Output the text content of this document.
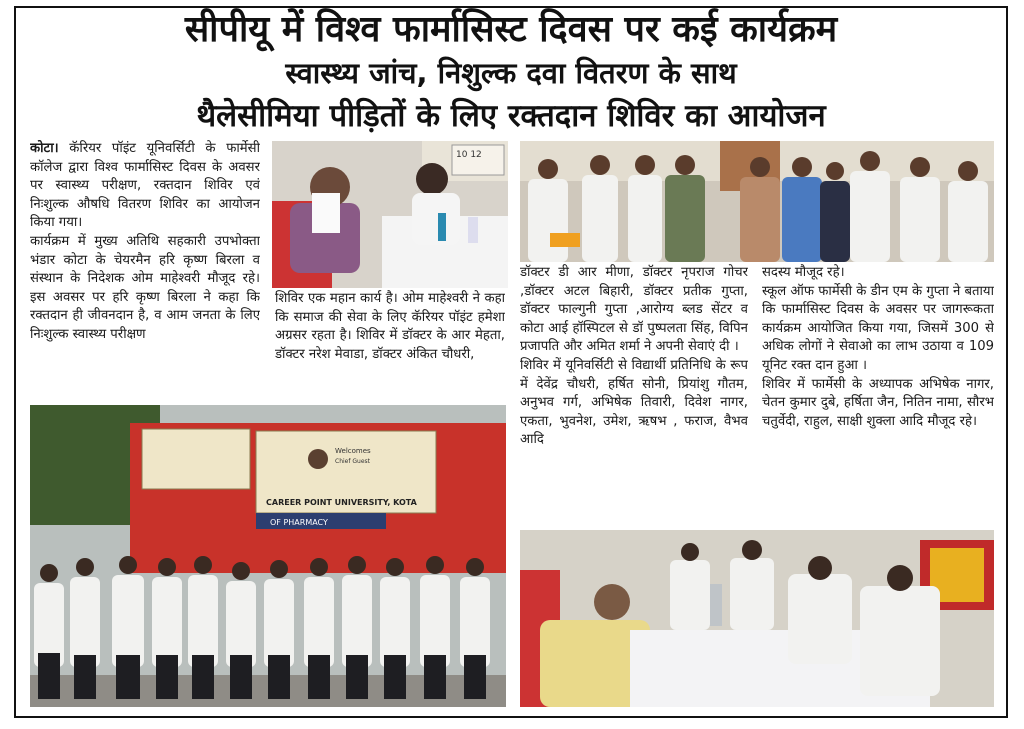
सीपीयू में विश्व फार्मासिस्ट दिवस पर कई कार्यक्रम
स्वास्थ्य जांच, निशुल्क दवा वितरण के साथ
थैलेसीमिया पीड़ितों के लिए रक्तदान शिविर का आयोजन

कोटा। कॅरियर पॉइंट यूनिवर्सिटी के फार्मेसी कॉलेज द्वारा विश्व फार्मासिस्ट दिवस के अवसर पर स्वास्थ्य परीक्षण, रक्तदान शिविर एवं निःशुल्क औषधि वितरण शिविर का आयोजन किया गया।

कार्यक्रम में मुख्य अतिथि सहकारी उपभोक्ता भंडार कोटा के चेयरमैन हरि कृष्ण बिरला व संस्थान के निदेशक ओम माहेश्वरी मौजूद रहे। इस अवसर पर हरि कृष्ण बिरला ने कहा कि रक्तदान ही जीवनदान है, व आम जनता के लिए निःशुल्क स्वास्थ्य परीक्षण

शिविर एक महान कार्य है। ओम माहेश्वरी ने कहा कि समाज की सेवा के लिए कॅरियर पॉइंट हमेशा अग्रसर रहता है। शिविर में डॉक्टर के आर मेहता, डॉक्टर नरेश मेवाडा, डॉक्टर अंकित चौधरी,

डॉक्टर डी आर मीणा, डॉक्टर नृपराज गोचर ,डॉक्टर अटल बिहारी, डॉक्टर प्रतीक गुप्ता, डॉक्टर फाल्गुनी गुप्ता ,आरोग्य ब्लड सेंटर व कोटा आई हॉस्पिटल से डॉ पुष्पलता सिंह, विपिन प्रजापति और अमित शर्मा ने अपनी सेवाएं दी ।

शिविर में यूनिवर्सिटी से विद्यार्थी प्रतिनिधि के रूप में देवेंद्र चौधरी, हर्षित सोनी, प्रियांशु गौतम, अनुभव गर्ग, अभिषेक तिवारी, दिवेश नागर, एकता, भुवनेश, उमेश, ऋषभ , फराज, वैभव आदि

सदस्य मौजूद रहे।

स्कूल ऑफ फार्मेसी के डीन एम के गुप्ता ने बताया कि फार्मासिस्ट दिवस के अवसर पर जागरूकता कार्यक्रम आयोजित किया गया, जिसमें 300 से अधिक लोगों ने सेवाओ का लाभ उठाया व 109 यूनिट रक्त दान हुआ ।

शिविर में फार्मेसी के अध्यापक अभिषेक नागर, चेतन कुमार दुबे, हर्षिता जैन, नितिन नामा, सौरभ चतुर्वेदी, राहुल, साक्षी शुक्ला आदि मौजूद रहे।

10 12
Welcomes
Chief Guest
CAREER POINT UNIVERSITY, KOTA
OF PHARMACY
